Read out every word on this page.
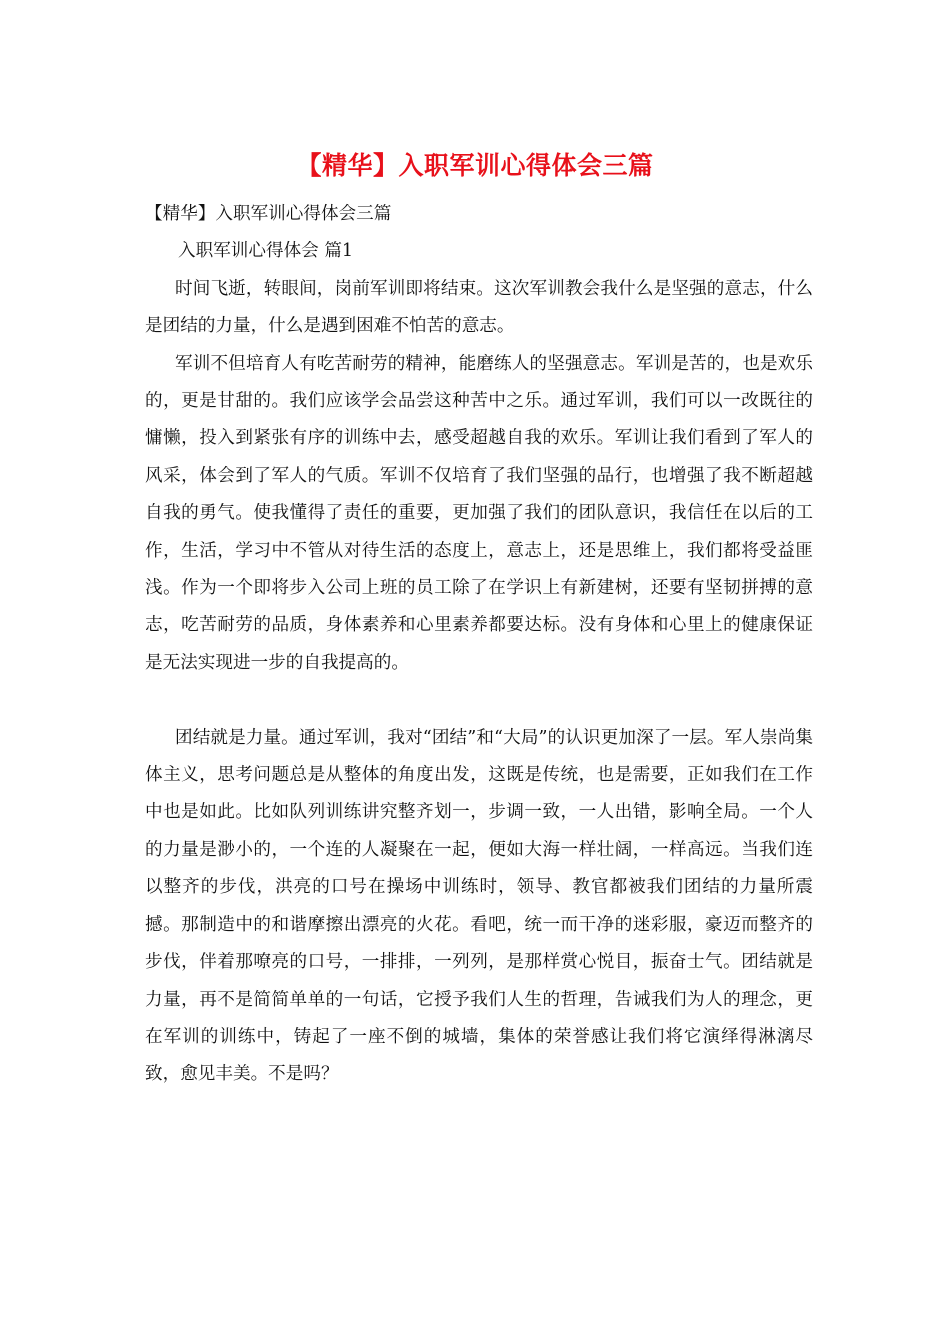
【精华】入职军训心得体会三篇

【精华】入职军训心得体会三篇

入职军训心得体会 篇1

时间飞逝，转眼间，岗前军训即将结束。这次军训教会我什么是坚强的意志，什么是团结的力量，什么是遇到困难不怕苦的意志。

军训不但培育人有吃苦耐劳的精神，能磨练人的坚强意志。军训是苦的，也是欢乐的，更是甘甜的。我们应该学会品尝这种苦中之乐。通过军训，我们可以一改既往的慵懒，投入到紧张有序的训练中去，感受超越自我的欢乐。军训让我们看到了军人的风采，体会到了军人的气质。军训不仅培育了我们坚强的品行，也增强了我不断超越自我的勇气。使我懂得了责任的重要，更加强了我们的团队意识，我信任在以后的工作，生活，学习中不管从对待生活的态度上，意志上，还是思维上，我们都将受益匪浅。作为一个即将步入公司上班的员工除了在学识上有新建树，还要有坚韧拼搏的意志，吃苦耐劳的品质，身体素养和心里素养都要达标。没有身体和心里上的健康保证是无法实现进一步的自我提高的。

团结就是力量。通过军训，我对“团结”和“大局”的认识更加深了一层。军人崇尚集体主义，思考问题总是从整体的角度出发，这既是传统，也是需要，正如我们在工作中也是如此。比如队列训练讲究整齐划一，步调一致，一人出错，影响全局。一个人的力量是渺小的，一个连的人凝聚在一起，便如大海一样壮阔，一样高远。当我们连以整齐的步伐，洪亮的口号在操场中训练时，领导、教官都被我们团结的力量所震撼。那制造中的和谐摩擦出漂亮的火花。看吧，统一而干净的迷彩服，豪迈而整齐的步伐，伴着那嘹亮的口号，一排排，一列列，是那样赏心悦目，振奋士气。团结就是力量，再不是简简单单的一句话，它授予我们人生的哲理，告诫我们为人的理念，更在军训的训练中，铸起了一座不倒的城墙，集体的荣誉感让我们将它演绎得淋漓尽致，愈见丰美。不是吗？
